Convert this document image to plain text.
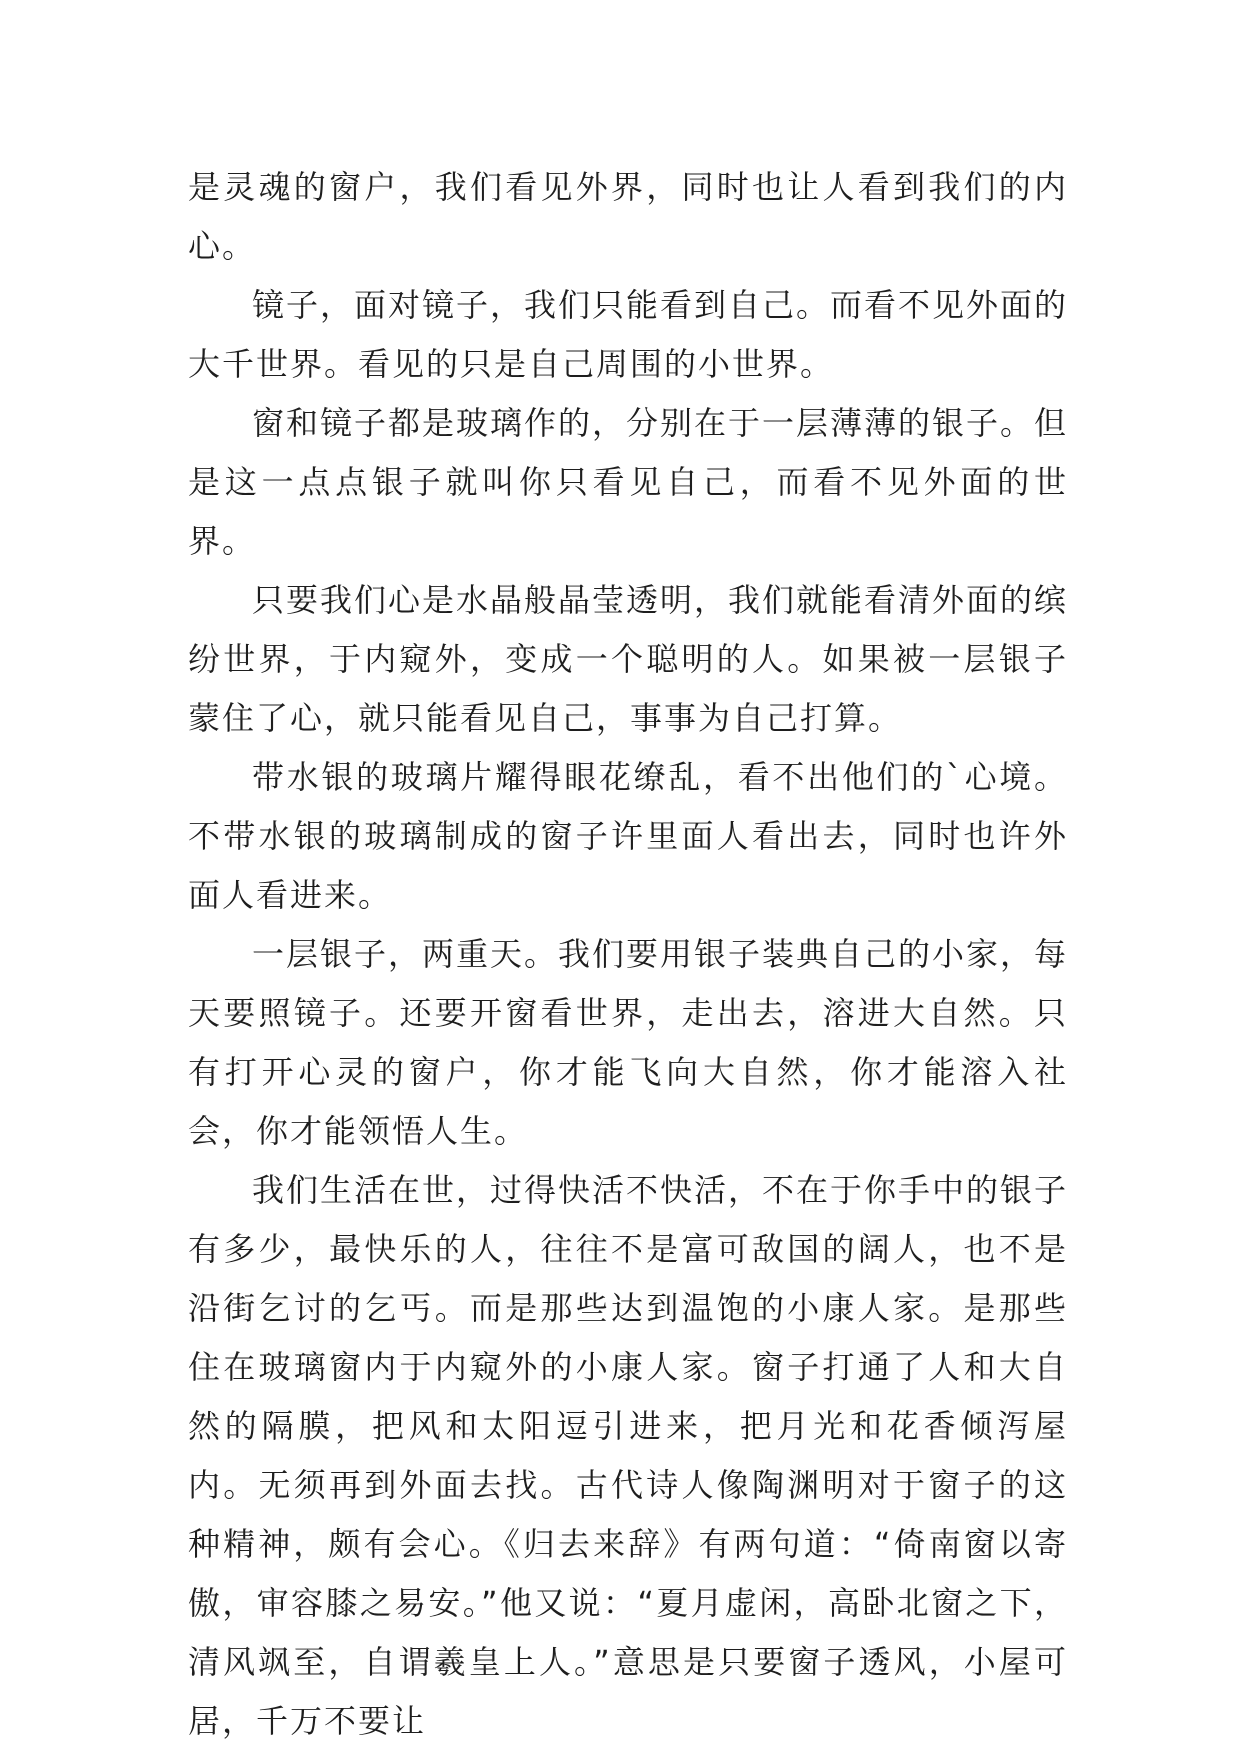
是灵魂的窗户，我们看见外界，同时也让人看到我们的内心。

镜子，面对镜子，我们只能看到自己。而看不见外面的大千世界。看见的只是自己周围的小世界。

窗和镜子都是玻璃作的，分别在于一层薄薄的银子。但是这一点点银子就叫你只看见自己，而看不见外面的世界。

只要我们心是水晶般晶莹透明，我们就能看清外面的缤纷世界，于内窥外，变成一个聪明的人。如果被一层银子蒙住了心，就只能看见自己，事事为自己打算。

带水银的玻璃片耀得眼花缭乱，看不出他们的`心境。不带水银的玻璃制成的窗子许里面人看出去，同时也许外面人看进来。

一层银子，两重天。我们要用银子装典自己的小家，每天要照镜子。还要开窗看世界，走出去，溶进大自然。只有打开心灵的窗户，你才能飞向大自然，你才能溶入社会，你才能领悟人生。

我们生活在世，过得快活不快活，不在于你手中的银子有多少，最快乐的人，往往不是富可敌国的阔人，也不是沿街乞讨的乞丐。而是那些达到温饱的小康人家。是那些住在玻璃窗内于内窥外的小康人家。窗子打通了人和大自然的隔膜，把风和太阳逗引进来，把月光和花香倾泻屋内。无须再到外面去找。古代诗人像陶渊明对于窗子的这种精神，颇有会心。《归去来辞》有两句道：“倚南窗以寄傲，审容膝之易安。”他又说：“夏月虚闲，高卧北窗之下，清风飒至，自谓羲皇上人。”意思是只要窗子透风，小屋可居，千万不要让
